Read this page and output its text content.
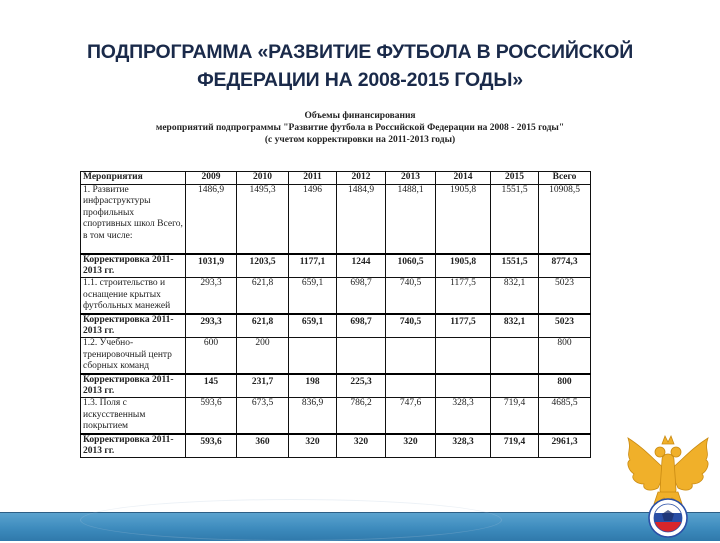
ПОДПРОГРАММА «РАЗВИТИЕ ФУТБОЛА В РОССИЙСКОЙ
ФЕДЕРАЦИИ НА 2008-2015 ГОДЫ»
Объемы финансирования
мероприятий подпрограммы "Развитие футбола в Российской Федерации на 2008 - 2015 годы"
(с учетом корректировки на 2011-2013 годы)
Мероприятия	2009	2010	2011	2012	2013	2014	2015	Всего
1. Развитие инфраструктуры профильных спортивных школ Всего, в том числе:	1486,9	1495,3	1496	1484,9	1488,1	1905,8	1551,5	10908,5
Корректировка 2011-2013 гг.	1031,9	1203,5	1177,1	1244	1060,5	1905,8	1551,5	8774,3
1.1. строительство и оснащение крытых футбольных манежей	293,3	621,8	659,1	698,7	740,5	1177,5	832,1	5023
Корректировка 2011-2013 гг.	293,3	621,8	659,1	698,7	740,5	1177,5	832,1	5023
1.2. Учебно-тренировочный центр сборных команд	600	200						800
Корректировка 2011-2013 гг.	145	231,7	198	225,3				800
1.3. Поля с искусственным покрытием	593,6	673,5	836,9	786,2	747,6	328,3	719,4	4685,5
Корректировка 2011-2013 гг.	593,6	360	320	320	320	328,3	719,4	2961,3
